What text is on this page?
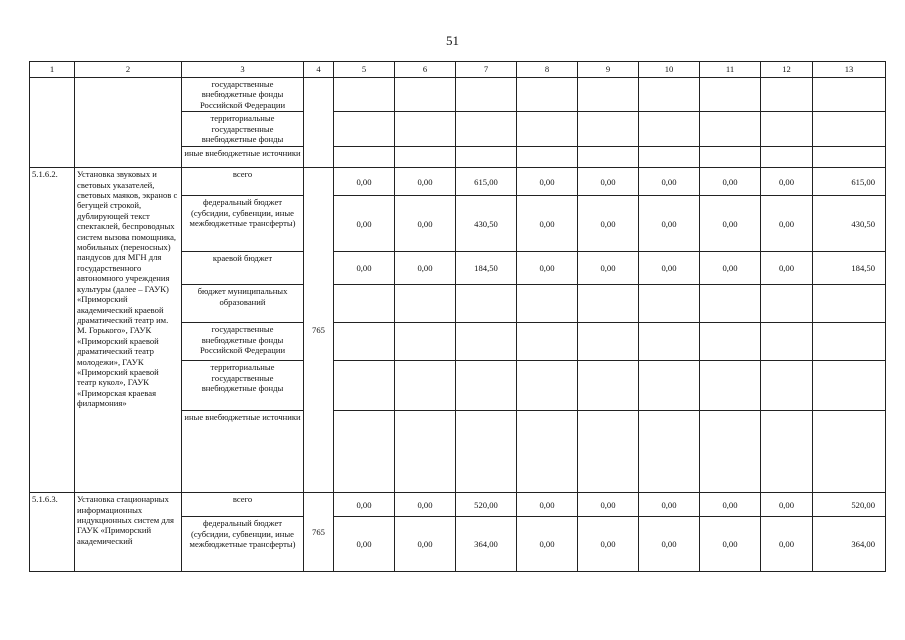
51
1	2	3	4	5	6	7	8	9	10	11	12	13
		государственные внебюджетные фонды Российской Федерации										
		территориальные государственные внебюджетные фонды										
		иные внебюджетные источники										
5.1.6.2.	Установка звуковых и световых указателей, световых маяков, экранов с бегущей строкой, дублирующей текст спектаклей, беспроводных систем вызова помощника, мобильных (переносных) пандусов для МГН для государственного автономного учреждения культуры (далее – ГАУК) «Приморский академический краевой драматический театр им. М. Горького», ГАУК «Приморский краевой драматический театр молодежи», ГАУК «Приморский краевой театр кукол», ГАУК «Приморская краевая филармония»	всего	765	0,00	0,00	615,00	0,00	0,00	0,00	0,00	0,00	615,00
		федеральный бюджет (субсидии, субвенции, иные межбюджетные трансферты)		0,00	0,00	430,50	0,00	0,00	0,00	0,00	0,00	430,50
		краевой бюджет		0,00	0,00	184,50	0,00	0,00	0,00	0,00	0,00	184,50
		бюджет муниципальных образований										
		государственные внебюджетные фонды Российской Федерации										
		территориальные государственные внебюджетные фонды										
		иные внебюджетные источники										
5.1.6.3.	Установка стационарных информационных индукционных систем для ГАУК «Приморский академический	всего	765	0,00	0,00	520,00	0,00	0,00	0,00	0,00	0,00	520,00
		федеральный бюджет (субсидии, субвенции, иные межбюджетные трансферты)		0,00	0,00	364,00	0,00	0,00	0,00	0,00	0,00	364,00
